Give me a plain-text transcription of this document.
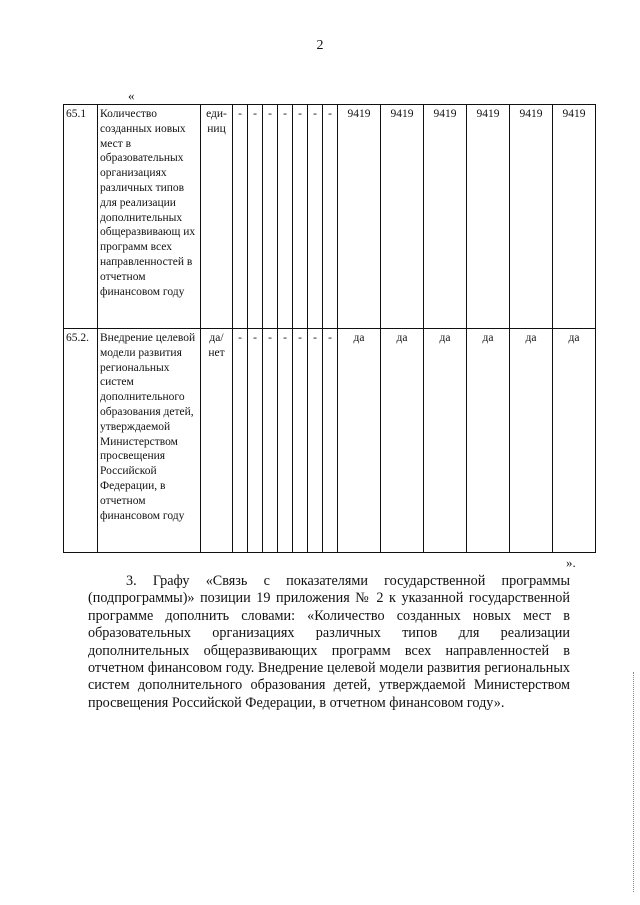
2
«
65.1	Количество созданных иовых мест в образовательных организациях различных типов для реализации дополнительных общеразвивающ их программ всех направленностей в отчетном финансовом году	еди- ниц	-	-	-	-	-	-	-	9419	9419	9419	9419	9419	9419
65.2.	Внедрение целевой модели развития региональных систем дополнительного образования детей, утверждаемой Министерством просвещения Российской Федерации, в отчетном финансовом году	да/ нет	-	-	-	-	-	-	-	да	да	да	да	да	да
».

3. Графу «Связь с показателями государственной программы (подпрограммы)» позиции 19 приложения № 2 к указанной государственной программе дополнить словами: «Количество созданных новых мест в образовательных организациях различных типов для реализации дополнительных общеразвивающих программ всех направленностей в отчетном финансовом году. Внедрение целевой модели развития региональных систем дополнительного образования детей, утверждаемой Министерством просвещения Российской Федерации, в отчетном финансовом году».
